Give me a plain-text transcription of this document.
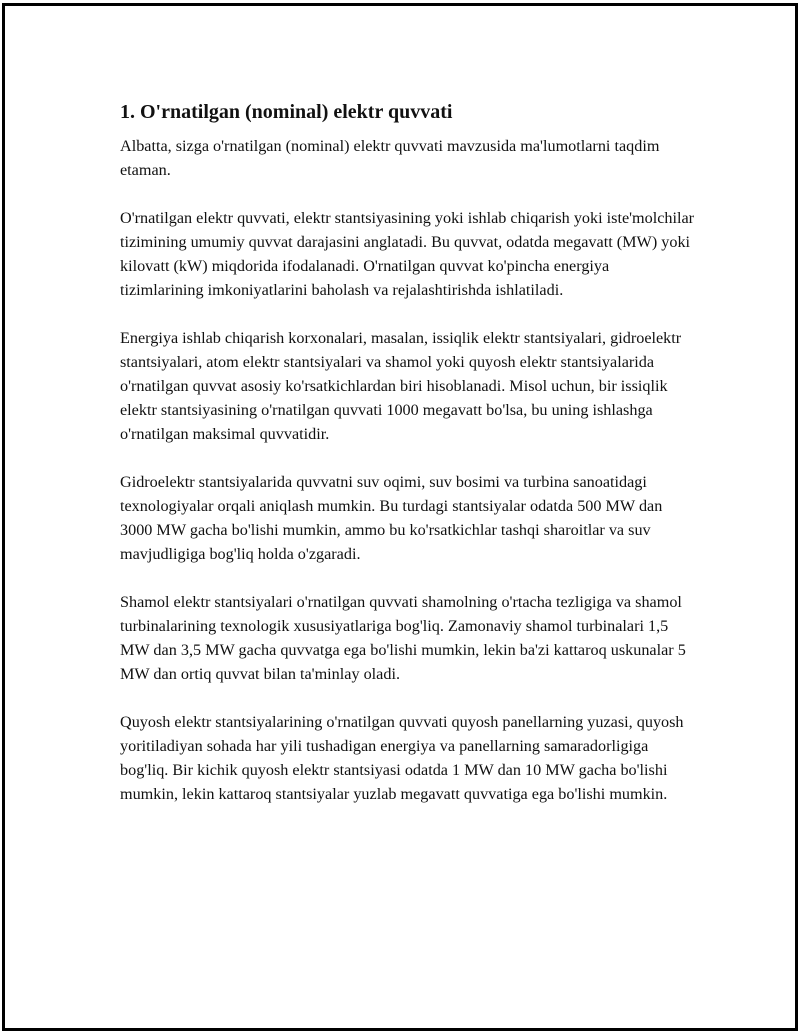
1. O'rnatilgan (nominal) elektr quvvati

Albatta, sizga o'rnatilgan (nominal) elektr quvvati mavzusida ma'lumotlarni taqdim etaman.

O'rnatilgan elektr quvvati, elektr stantsiyasining yoki ishlab chiqarish yoki iste'molchilar tizimining umumiy quvvat darajasini anglatadi. Bu quvvat, odatda megavatt (MW) yoki kilovatt (kW) miqdorida ifodalanadi. O'rnatilgan quvvat ko'pincha energiya tizimlarining imkoniyatlarini baholash va rejalashtirishda ishlatiladi.

Energiya ishlab chiqarish korxonalari, masalan, issiqlik elektr stantsiyalari, gidroelektr stantsiyalari, atom elektr stantsiyalari va shamol yoki quyosh elektr stantsiyalarida o'rnatilgan quvvat asosiy ko'rsatkichlardan biri hisoblanadi. Misol uchun, bir issiqlik elektr stantsiyasining o'rnatilgan quvvati 1000 megavatt bo'lsa, bu uning ishlashga o'rnatilgan maksimal quvvatidir.

Gidroelektr stantsiyalarida quvvatni suv oqimi, suv bosimi va turbina sanoatidagi texnologiyalar orqali aniqlash mumkin. Bu turdagi stantsiyalar odatda 500 MW dan 3000 MW gacha bo'lishi mumkin, ammo bu ko'rsatkichlar tashqi sharoitlar va suv mavjudligiga bog'liq holda o'zgaradi.

Shamol elektr stantsiyalari o'rnatilgan quvvati shamolning o'rtacha tezligiga va shamol turbinalarining texnologik xususiyatlariga bog'liq. Zamonaviy shamol turbinalari 1,5 MW dan 3,5 MW gacha quvvatga ega bo'lishi mumkin, lekin ba'zi kattaroq uskunalar 5 MW dan ortiq quvvat bilan ta'minlay oladi.

Quyosh elektr stantsiyalarining o'rnatilgan quvvati quyosh panellarning yuzasi, quyosh yoritiladiyan sohada har yili tushadigan energiya va panellarning samaradorligiga bog'liq. Bir kichik quyosh elektr stantsiyasi odatda 1 MW dan 10 MW gacha bo'lishi mumkin, lekin kattaroq stantsiyalar yuzlab megavatt quvvatiga ega bo'lishi mumkin.
